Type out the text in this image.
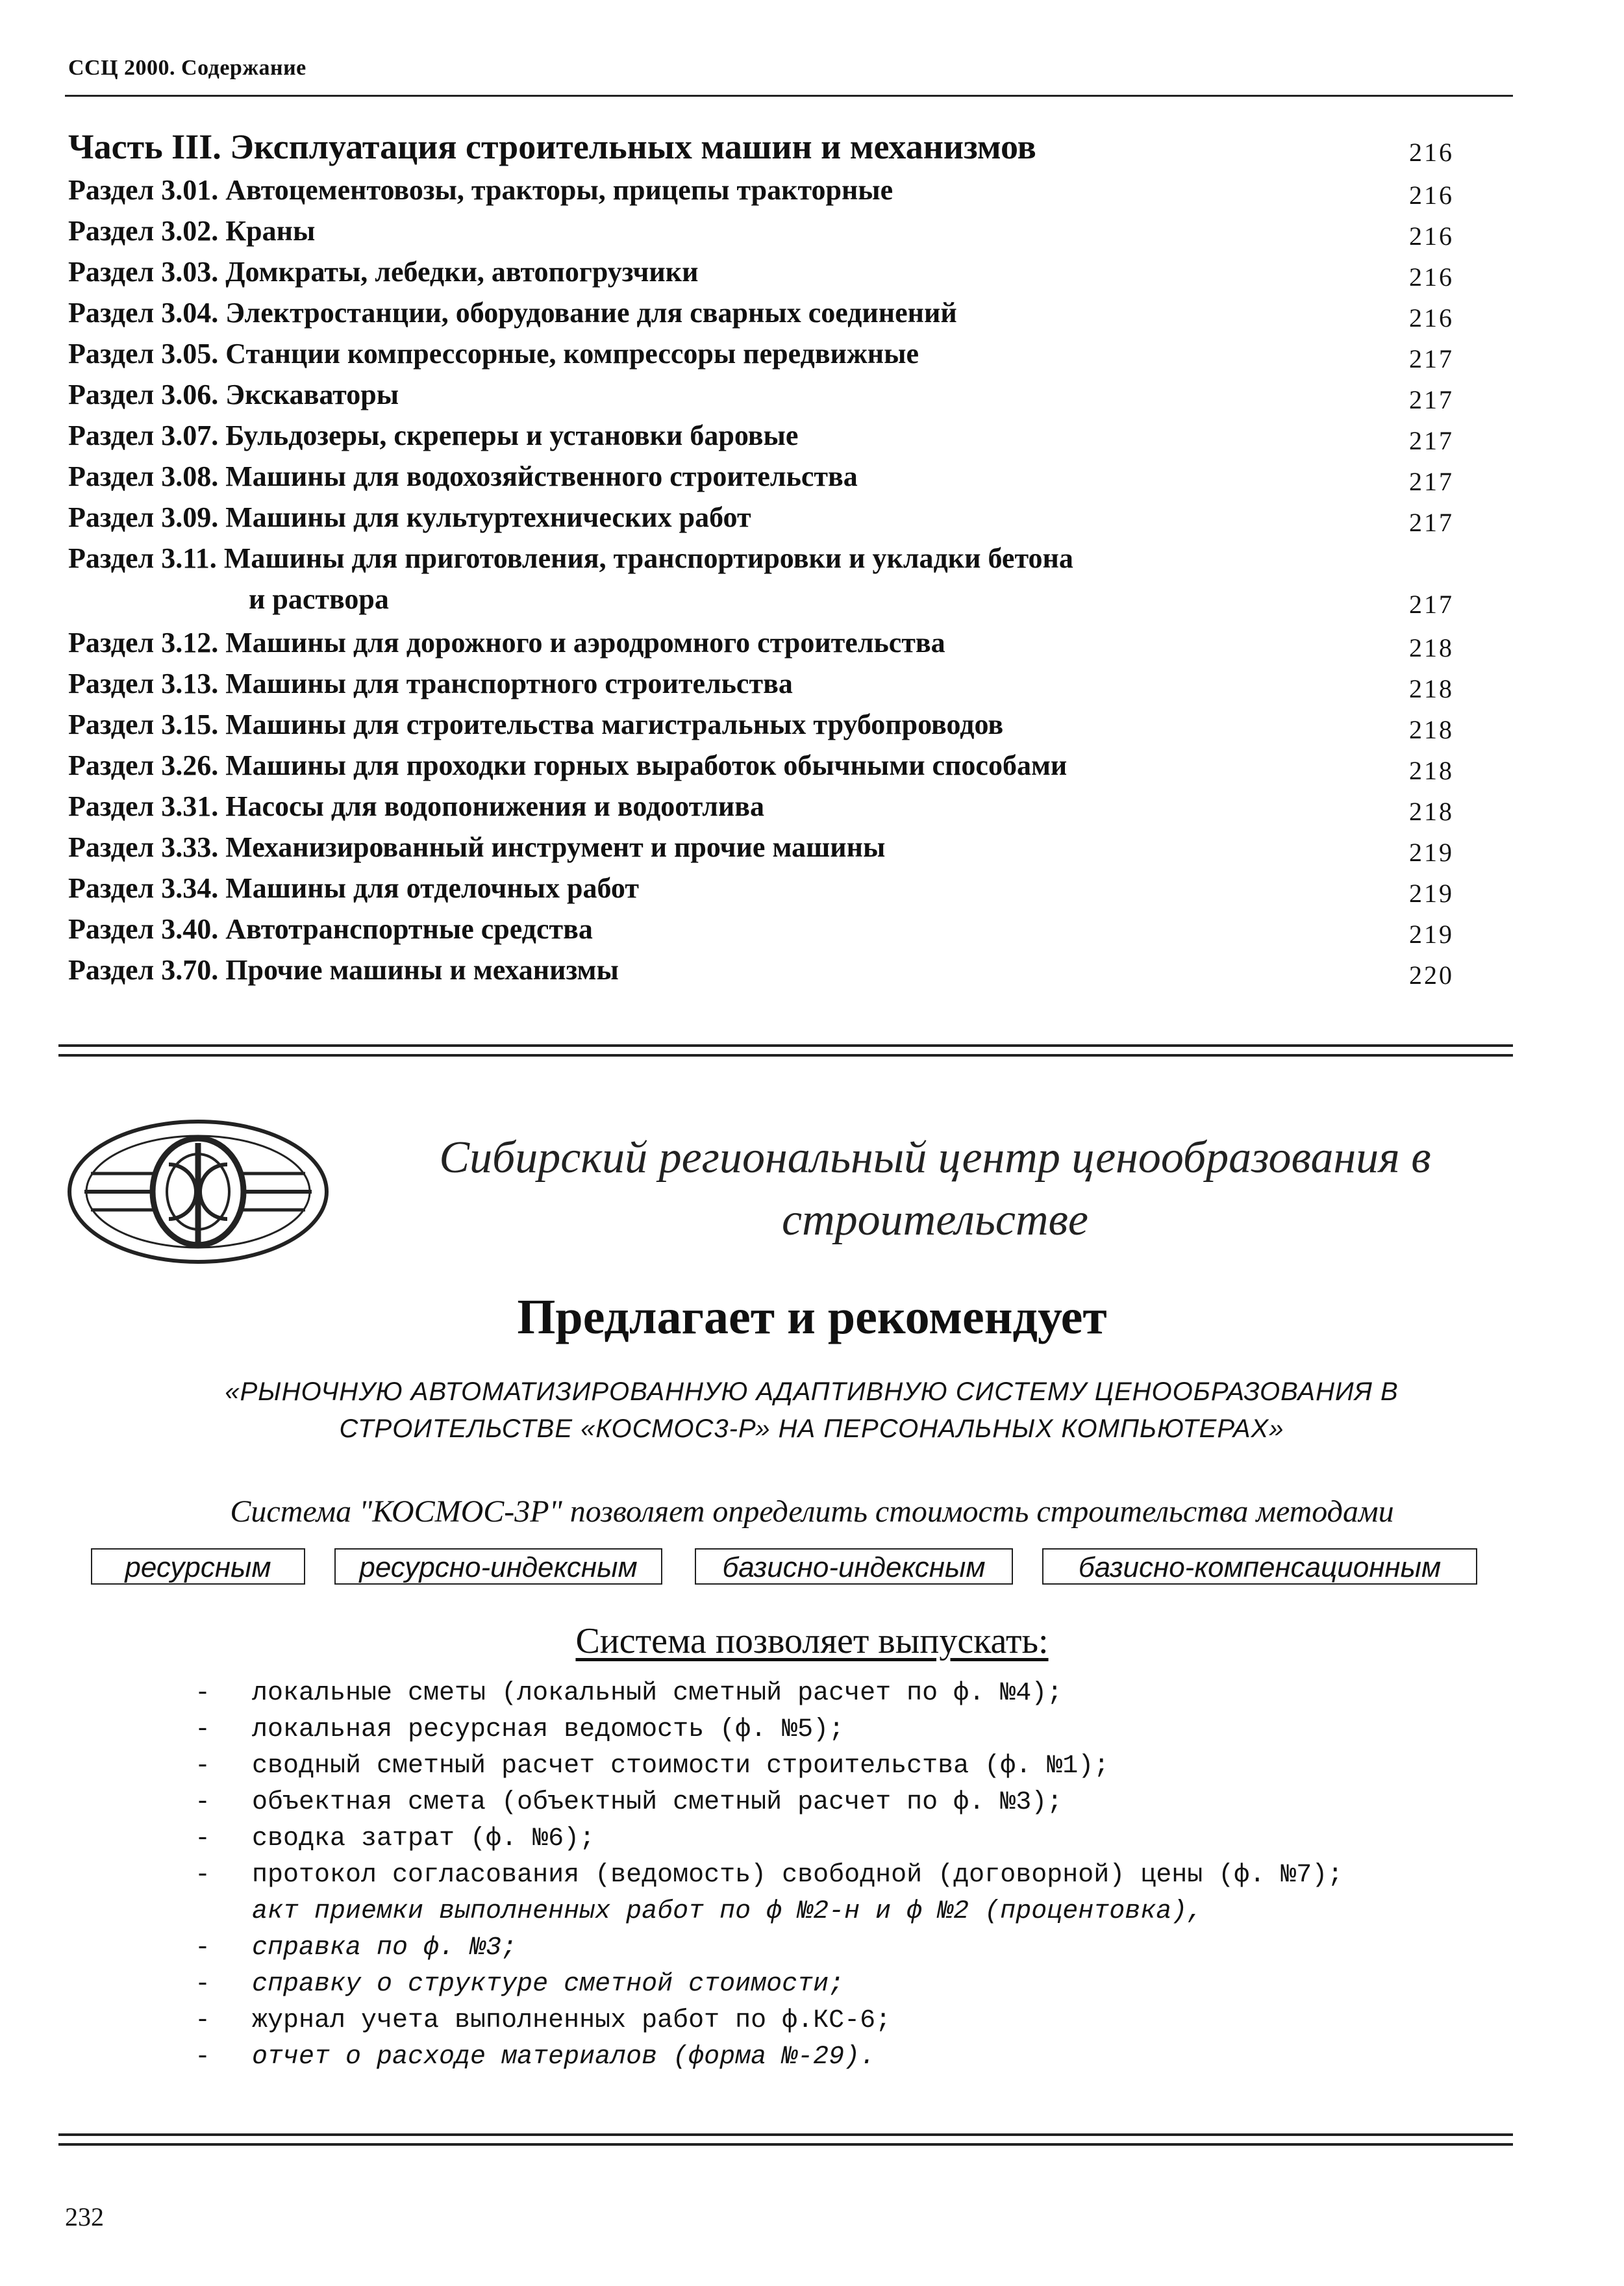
ССЦ 2000. Содержание
Часть III. Эксплуатация строительных машин и механизмов	216
Раздел 3.01. Автоцементовозы, тракторы, прицепы тракторные	216
Раздел 3.02. Краны	216
Раздел 3.03. Домкраты, лебедки, автопогрузчики	216
Раздел 3.04. Электростанции, оборудование для сварных соединений	216
Раздел 3.05. Станции компрессорные, компрессоры передвижные	217
Раздел 3.06. Экскаваторы	217
Раздел 3.07. Бульдозеры, скреперы и установки баровые	217
Раздел 3.08. Машины для водохозяйственного строительства	217
Раздел 3.09. Машины для культуртехнических работ	217
Раздел 3.11. Машины для приготовления, транспортировки и укладки бетона
и раствора	217
Раздел 3.12. Машины для дорожного и аэродромного строительства	218
Раздел 3.13. Машины для транспортного строительства	218
Раздел 3.15. Машины для строительства магистральных трубопроводов	218
Раздел 3.26. Машины для проходки горных выработок обычными способами	218
Раздел 3.31. Насосы для водопонижения и водоотлива	218
Раздел 3.33. Механизированный инструмент и прочие машины	219
Раздел 3.34. Машины для отделочных работ	219
Раздел 3.40. Автотранспортные средства	219
Раздел 3.70. Прочие машины и механизмы	220
Сибирский региональный центр ценообразования в
строительстве
Предлагает и рекомендует
«РЫНОЧНУЮ АВТОМАТИЗИРОВАННУЮ АДАПТИВНУЮ СИСТЕМУ ЦЕНООБРАЗОВАНИЯ В
СТРОИТЕЛЬСТВЕ «КОСМОС3-Р» НА ПЕРСОНАЛЬНЫХ КОМПЬЮТЕРАХ»
Система "КОСМОС-3Р" позволяет определить стоимость строительства методами
ресурсным	ресурсно-индексным	базисно-индексным	базисно-компенсационным
Система позволяет выпускать:
- локальные сметы (локальный сметный расчет по ф. №4);
- локальная ресурсная ведомость (ф. №5);
- сводный сметный расчет стоимости строительства (ф. №1);
- объектная смета (объектный сметный расчет по ф. №3);
- сводка затрат (ф. №6);
- протокол согласования (ведомость) свободной (договорной) цены (ф. №7);
акт приемки выполненных работ по ф №2-н и ф №2 (процентовка),
- справка по ф. №3;
- справку о структуре сметной стоимости;
- журнал учета выполненных работ по ф.КС-6;
- отчет о расходе материалов (форма №-29).
232
